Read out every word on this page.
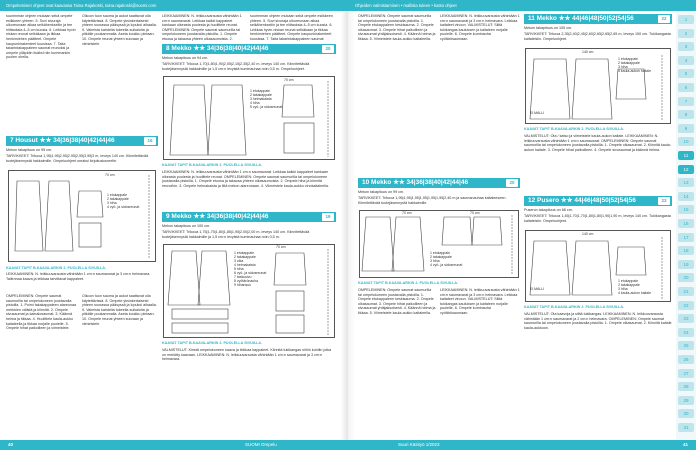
Ompelemisen ohjeet ovat kaavassa Taina Rajakoski, taina.rajakoski@suomi.com	Ohjeiden valmistaminen • mallista tuleen • katso ohjeet

suorimman ohjeen mukaan sekä ompele esilkkeen yhteen. 5. Suvi sivuraja ulkoreunaan alkaa selkähenkseliin ja tee niittauksia 4–5 cm kuosia. 6. Leikkaa hyvin niskan reunat selkäkaan ja tikkaa henkimiehen päätteet. Ompele kaupunkirakenteet kuosissa. 7. Taita takarintakappaleen saumat reunoksi ja ompele ylläpidin lisäksi niin kummankin puolen ohella.

Olkoon tuon sauma ja aukot saattavat olla käytettävissä. 8. Ompele yksinkertaisesti yhteen suorassa pääsyssä ja lopuksi alhaalla. 9. Valmista kahdella tukeella suikaloita ja pitkälle poukammalla. Aseta koukku pintaan. 10. Ompele reunat yhteen suoraan ja viimeistele.

7 Housut ★★ 34|36|38|40|42|44|46	16
Mekon takapituus on 95 cm.
TARVIKKEET: Trikooa 1,95|1,95|2,95|2,95|2,95|3,95|3 m, leveys 140 cm. Kiinnitettävää tuotejäsennystä hakkaimille. Ompeluohjeet omaksi kirjoituskoneelle.
70 cm
1 etukappale
2 takakappale
3 hiha
4 vyö- ja sidosreunat
KAAVAT TAPIT B-KAAVA-ARKIN 2. PUOLELLA SIVUILLA.

LEIKKAAMINEN: N. leikkuuvarausta vähintään 1 cm:n saumavarat ja 3 cm:n helmavara. Tallennaa kaava ja leikkaa tarvittavat kappaleet.

OMPELEMINEN: Ompele saumat saumurilla tai ompelukoneen joustavalla pistoilla. 1. Poimi takakappaleen alareunaa merkkien välistä ja kiinnitä. 2. Ompele sivusaumat ja kainalosaumat. 3. Käännä helma ja tikkaa. 4. Huolittele kaula-aukko kaitaleella ja tikkaa nurjalle puolelle. 5. Ompele hihat paikoilleen ja viimeistele.

Olkoon tuon sauma ja aukot saattavat olla käytettävissä. 8. Ompele yksinkertaisesti yhteen suorassa pääsyssä ja lopuksi alhaalla. 9. Valmista kahdella tukeella suikaloita ja pitkälle poukammalla. Aseta koukku pintaan. 10. Ompele reunat yhteen suoraan ja viimeistele.

LEIKKAAMINEN: N. leikkuuvarausta vähintään 1 cm:n saumavarat. Leikkaa kaikki kappaleet kankaan oikeasta puolesta ja huolittele reunat. OMPELEMINEN: Ompele saumat saumurilla tai ompelukoneen joustavalla pistoilla. 1. Ompele etuosa ja takaosa yhteen olkasaumoista. 2.

suorimman ohjeen mukaan sekä ompele esilkkeen yhteen. 5. Suvi sivuraja ulkoreunaan alkaa selkähenkseliin ja tee niittauksia 4–5 cm kuosia. 6. Leikkaa hyvin niskan reunat selkäkaan ja tikkaa henkimiehen päätteet. Ompele kaupunkirakenteet kuosissa. 7. Taita takarintakappaleen saumat

8 Mekko ★★ 34|36|38|40|42|44|46	20
Mekon takapituus on 94 cm.
TARVIKKEET: Trikooa 1,70|1,80|1,90|2,05|2,15|2,35|2,40 m, leveys 140 cm. Kiinnitettävää tuotejäsennystä hakkaimille ja 1,5 cm:n levyistä kuminauhaa noin 0,5 m. Ompeluohjeet.
70 cm
1 etukappale
2 takakappale
3 helmakaista
4 hiha
5 vyö- ja sidosreunat
KAAVAT TAPIT B-KAAVA-ARKIN 2. PUOLELLA SIVUILLA.

LEIKKAAMINEN: N. leikkuuvarausta vähintään 1 cm:n saumavarat. Leikkaa kaikki kappaleet kankaan oikeasta puolesta ja huolittele reunat. OMPELEMINEN: Ompele saumat saumurilla tai ompelukoneen joustavalla pistoilla. 1. Ompele etuosa ja takaosa yhteen olkasaumoista. 2. Ompele hiha ja kiinnitä reunoihin. 3. Ompele helmakaista ja liitä mekon alareunaan. 4. Viimeistele kaula-aukko vinokaitaleella.

9 Mekko ★★ 34|36|38|40|42|44|46	19
Mekon takapituus on 100 cm.
TARVIKKEET: Trikooa 1,75|1,75|1,80|1,85|1,95|2,00|2,00 m, leveys 140 cm. Kiinnitettävää tuotejäsennystä hakkaimille ja 1,5 cm:n levyistä kuminauhaa noin 0,5 m.
70 cm
1 etukappale
2 takakappale
3 olka
4 helmakaista
5 hiha
6 vyö- ja sidosreunat
7 taskusivu
8 vyötärönauha
9 hihansuu
KAAVAT TAPIT B-KAAVA-ARKIN 2. PUOLELLA SIVUILLA.

VALMISTELUT: Kiristä ompelukoneen kaava ja leikkaa kappaleet. Kiinnitä tukikangas niihin kohtiin jotka on merkitty kaavaan. LEIKKAAMINEN: N. leikkuuvarausta vähintään 1 cm:n saumavarat ja 3 cm:n helmavara.

OMPELEMINEN: Ompele saumat saumurilla tai ompelukoneen joustavalla pistoilla. 1. Ompele etukappaleen keskisauma. 2. Ompele olkasaumat. 3. Ompele hihat paikoilleen ja sivusaumat yhtäjaksoisesti. 4. Käännä helma ja tikkaa. 5. Viimeistele kaula-aukko kaitaleella.

LEIKKAAMINEN: N. leikkuuvarausta vähintään 1 cm:n saumavarat ja 3 cm:n helmavara. Leikkaa kaitaleet vinoon. VALMISTELUT: Silitä tukikangas kauluksen ja kaitaleen nurjalle puolelle. 6. Ompele kuminauha vyötärösaumaan.

10 Mekko ★★ 34|36|38|40|42|44|46	20
Mekon takapituus on 99 cm.
TARVIKKEET: Trikooa 1,95|1,95|1,95|1,95|1,95|1,95|2,40 m ja saumanauhaa kaitaleeseen. Kiinnitettävää tuotejäsennystä hakkaimille.
70 cm	70 cm
1 etukappale
2 takakappale
3 hiha
4 vyö- ja sidosreunat
KAAVAT TAPIT B-KAAVA-ARKIN 2. PUOLELLA SIVUILLA.

OMPELEMINEN: Ompele saumat saumurilla tai ompelukoneen joustavalla pistoilla. 1. Ompele etukappaleen keskisauma. 2. Ompele olkasaumat. 3. Ompele hihat paikoilleen ja sivusaumat yhtäjaksoisesti. 4. Käännä helma ja tikkaa. 5. Viimeistele kaula-aukko kaitaleella.

LEIKKAAMINEN: N. leikkuuvarausta vähintään 1 cm:n saumavarat ja 3 cm:n helmavara. Leikkaa kaitaleet vinoon. VALMISTELUT: Silitä tukikangas kauluksen ja kaitaleen nurjalle puolelle. 6. Ompele kuminauha vyötärösaumaan.

11 Mekko ★★ 44|46|48|50|52|54|56	22
Mekon takapituus on 105 cm.
TARVIKKEET: Trikooa 2,35|2,40|2,45|2,60|2,65|2,65|2,65 m, leveys 150 cm. Tukikangasta kaitaleisiin. Ompeluohjeet.
140 cm
El.MALLI
1 etukappale
2 takakappale
3 hiha
4 kaula-aukon kaitale
KAAVAT TAPIT B-KAAVA-ARKIN 2. PUOLELLA SIVUILLA.

VALMISTELUT: Ota / katso ja viimeistele kaula-aukon kaitale. LEIKKAAMINEN: N. leikkuuvarausta vähintään 1 cm:n saumavarat. OMPELEMINEN: Ompele saumat saumurilla tai ompelukoneen joustavalla pistoilla. 1. Ompele olkasaumat. 2. Kiinnitä kaula-aukon kaitale. 3. Ompele hihat paikoilleen. 4. Ompele sivusaumat ja käännä helma.

12 Pusero ★★ 44|46|48|50|52|54|56	23
Puseron takapituus on 68 cm.
TARVIKKEET: Trikooa 1,45|1,70|1,70|1,80|1,80|1,90|1,90 m, leveys 140 cm. Tukikangasta kaitaleisiin. Ompeluohjeet.
140 cm
El.MALLI
1 etukappale
2 takakappale
3 hiha
4 kaula-aukon kaitale
KAAVAT TAPIT B-KAAVA-ARKIN 2. PUOLELLA SIVUILLA.

VALMISTELUT: Ota kaavoja ja silitä tukikangas. LEIKKAAMINEN: N. leikkuuvarausta vähintään 1 cm:n saumavarat ja 2 cm:n helmavara. OMPELEMINEN: Ompele saumat saumurilla tai ompelukoneen joustavalla pistoilla. 1. Ompele olkasaumat. 2. Kiinnitä kaitale kaula-aukkoon.

1
2
3
4
5
6
7
8
9
10
11
12
13
14
15
16
17
18
19
20
21
22
23
24
25
26
27
28
29
30
31
40	SUOMI Ompelu	Suuri Käsityö 1/2023	41
